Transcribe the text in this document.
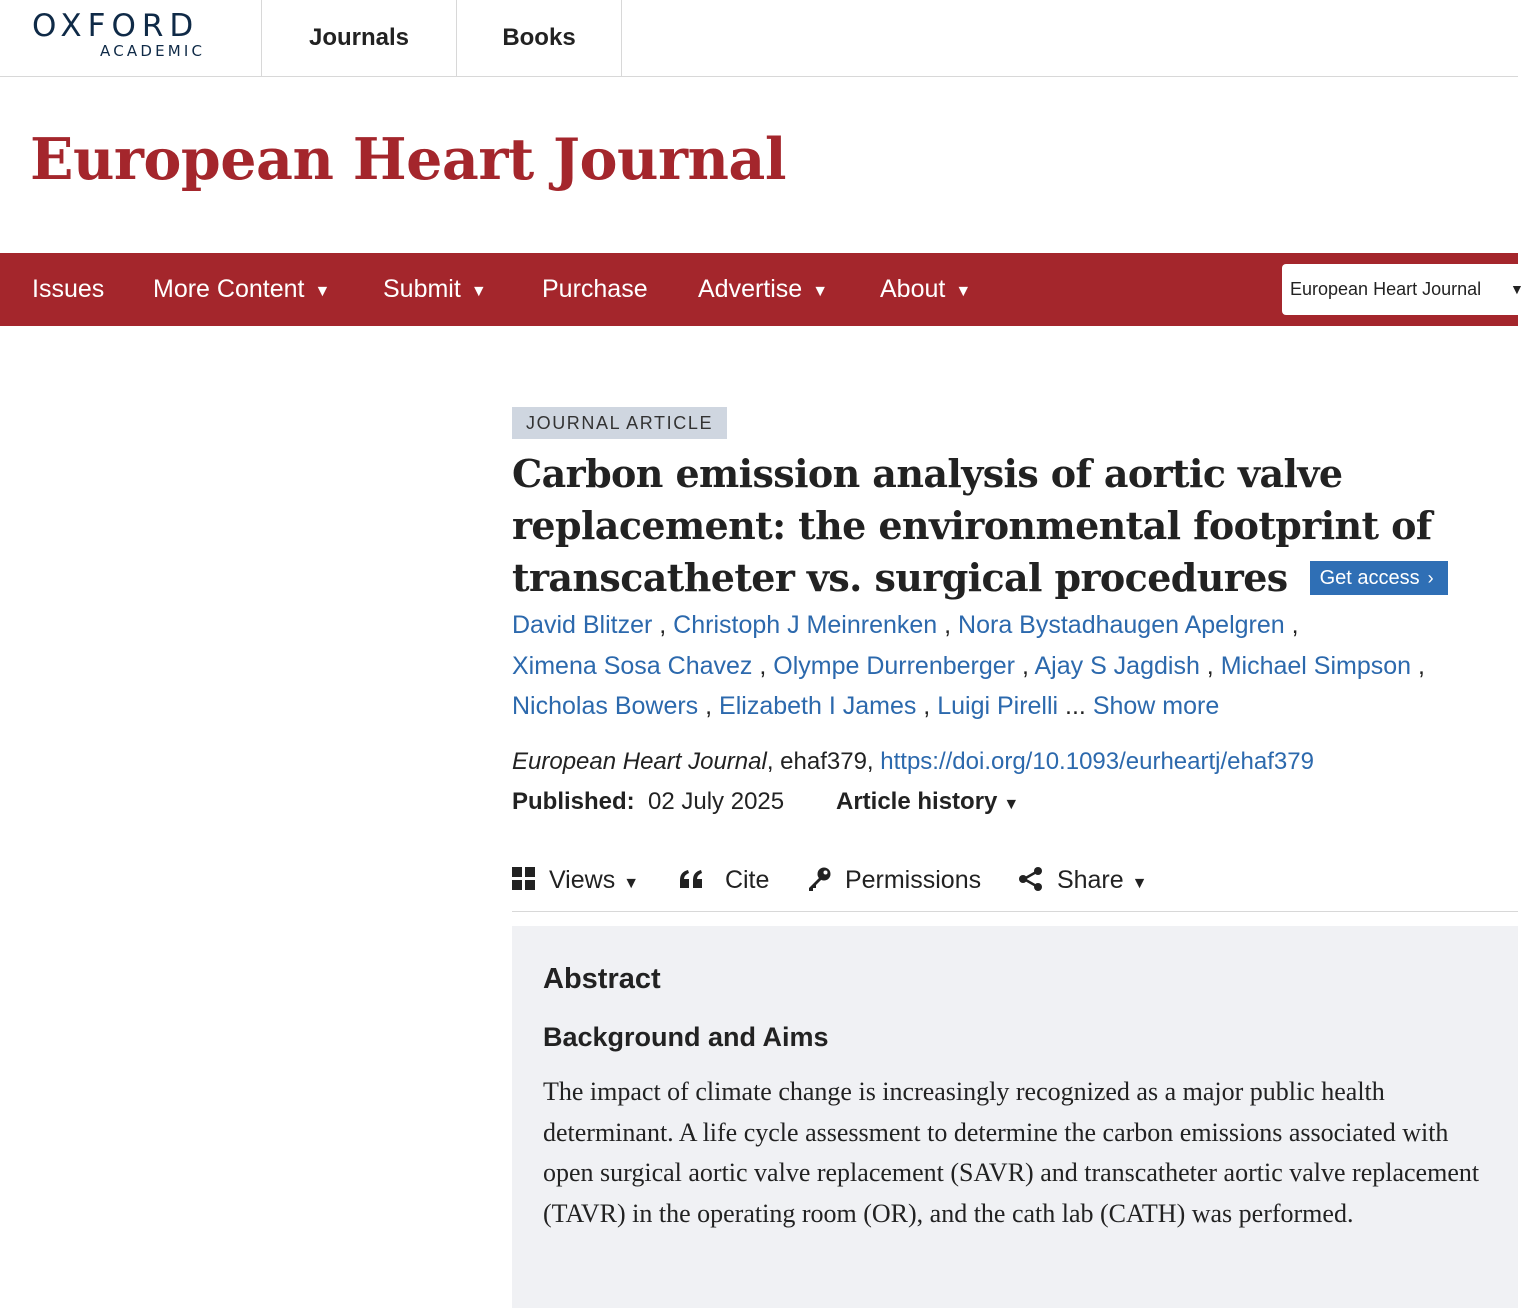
OXFORD
ACADEMIC	Journals	Books
European Heart Journal
Issues More Content ▼ Submit ▼ Purchase Advertise ▼ About ▼	European Heart Journal ▼
JOURNAL ARTICLE
Carbon emission analysis of aortic valve replacement: the environmental footprint of transcatheter vs. surgical procedures Get access ›
David Blitzer , Christoph J Meinrenken , Nora Bystadhaugen Apelgren ,
Ximena Sosa Chavez , Olympe Durrenberger , Ajay S Jagdish , Michael Simpson ,
Nicholas Bowers , Elizabeth I James , Luigi Pirelli ... Show more
European Heart Journal, ehaf379, https://doi.org/10.1093/eurheartj/ehaf379
Published: 02 July 2025 Article history ▼
Views ▼	Cite	Permissions	Share ▼
Abstract
Background and Aims
The impact of climate change is increasingly recognized as a major public health determinant. A life cycle assessment to determine the carbon emissions associated with open surgical aortic valve replacement (SAVR) and transcatheter aortic valve replacement (TAVR) in the operating room (OR), and the cath lab (CATH) was performed.
